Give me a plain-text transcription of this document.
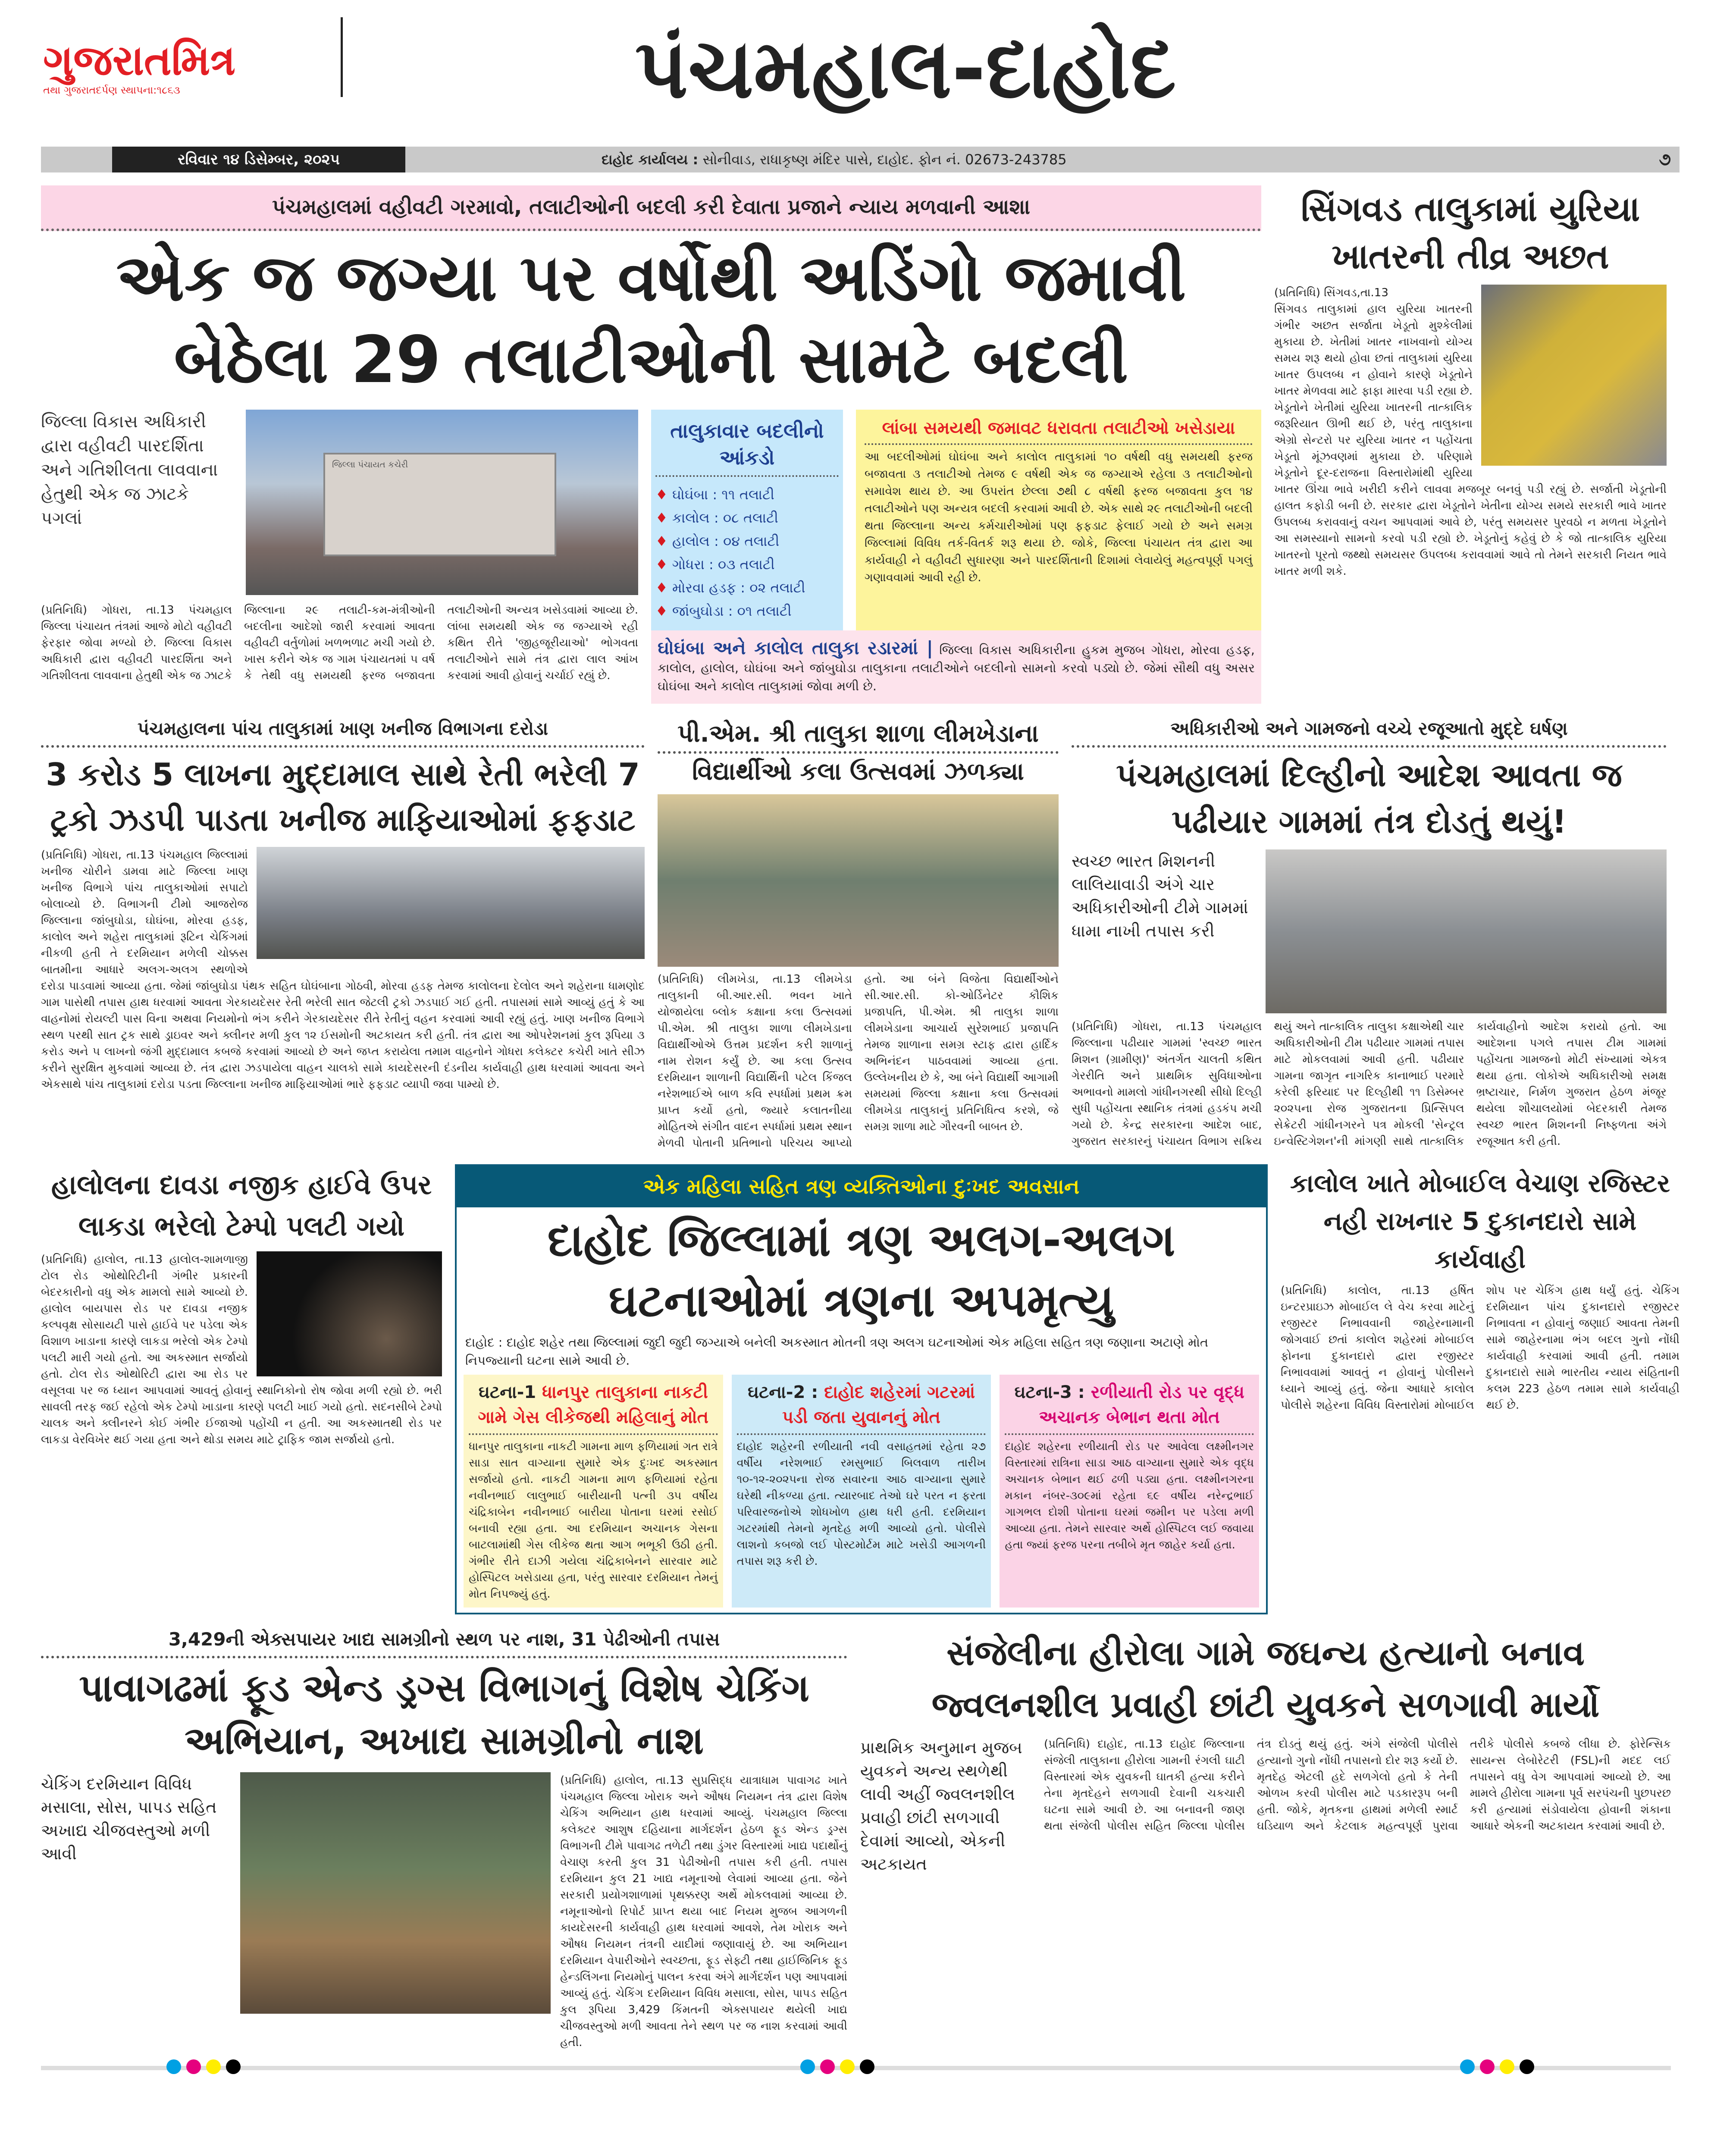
ગુજરાતમિત્ર
તથા ગુજરાતદર્પણ સ્થાપના:૧૮૬૩	પંચમહાલ-દાહોદ
રવિવાર ૧૪ ડિસેમ્બર, ૨૦૨૫	દાહોદ કાર્યાલય : સોનીવાડ, રાધાકૃષ્ણ મંદિર પાસે, દાહોદ. ફોન નં. 02673-243785	૭
પંચમહાલમાં વહીવટી ગરમાવો, તલાટીઓની બદલી કરી દેવાતા પ્રજાને ન્યાય મળવાની આશા
એક જ જગ્યા પર વર્ષોથી અડિંગો જમાવી બેઠેલા 29 તલાટીઓની સામટે બદલી
જિલ્લા વિકાસ અધિકારી દ્વારા વહીવટી પારદર્શિતા અને ગતિશીલતા લાવવાના હેતુથી એક જ ઝાટકે પગલાં
જિલ્લા પંચાયત કચેરી
(પ્રતિનિધિ) ગોધરા, તા.13 પંચમહાલ જિલ્લા પંચાયત તંત્રમાં આજે મોટો વહીવટી ફેરફાર જોવા મળ્યો છે. જિલ્લા વિકાસ અધિકારી દ્વારા વહીવટી પારદર્શિતા અને ગતિશીલતા લાવવાના હેતુથી એક જ ઝાટકે જિલ્લાના ૨૯ તલાટી-કમ-મંત્રીઓની બદલીના આદેશો જારી કરવામાં આવતા વહીવટી વર્તુળોમાં ખળભળાટ મચી ગયો છે. ખાસ કરીને એક જ ગામ પંચાયતમાં ૫ વર્ષ કે તેથી વધુ સમયથી ફરજ બજાવતા તલાટીઓની અન્યત્ર ખસેડવામાં આવ્યા છે. લાંબા સમયથી એક જ જગ્યાએ રહી કથિત રીતે 'જીહજૂરીયાઓ' ભોગવતા તલાટીઓને સામે તંત્ર દ્વારા લાલ આંખ કરવામાં આવી હોવાનું ચર્ચાઈ રહ્યું છે.
તાલુકાવાર બદલીનો આંકડો
♦ ઘોઘંબા : ૧૧ તલાટી
♦ કાલોલ : ૦૮ તલાટી
♦ હાલોલ : ૦૪ તલાટી
♦ ગોધરા : ૦૩ તલાટી
♦ મોરવા હડફ : ૦૨ તલાટી
♦ જાંબુઘોડા : ૦૧ તલાટી
લાંબા સમયથી જમાવટ ધરાવતા તલાટીઓ ખસેડાયા
આ બદલીઓમાં ઘોઘંબા અને કાલોલ તાલુકામાં ૧૦ વર્ષથી વધુ સમયથી ફરજ બજાવતા ૩ તલાટીઓ તેમજ ૯ વર્ષથી એક જ જગ્યાએ રહેલા ૩ તલાટીઓનો સમાવેશ થાય છે. આ ઉપરાંત છેલ્લા ૭થી ૮ વર્ષથી ફરજ બજાવતા કુલ ૧૪ તલાટીઓને પણ અન્યત્ર બદલી કરવામાં આવી છે. એક સાથે ૨૯ તલાટીઓની બદલી થતા જિલ્લાના અન્ય કર્મચારીઓમાં પણ ફફડાટ ફેલાઈ ગયો છે અને સમગ્ર જિલ્લામાં વિવિધ તર્ક-વિતર્ક શરૂ થયા છે. જોકે, જિલ્લા પંચાયત તંત્ર દ્વારા આ કાર્યવાહી ને વહીવટી સુધારણા અને પારદર્શિતાની દિશામાં લેવાયેલું મહત્વપૂર્ણ પગલું ગણાવવામાં આવી રહી છે.
ઘોઘંબા અને કાલોલ તાલુકા રડારમાં | જિલ્લા વિકાસ અધિકારીના હુકમ મુજબ ગોધરા, મોરવા હડફ, કાલોલ, હાલોલ, ઘોઘંબા અને જાંબુઘોડા તાલુકાના તલાટીઓને બદલીનો સામનો કરવો પડ્યો છે. જેમાં સૌથી વધુ અસર ઘોઘંબા અને કાલોલ તાલુકામાં જોવા મળી છે.
સિંગવડ તાલુકામાં યુરિયા ખાતરની તીવ્ર અછત
(પ્રતિનિધિ) સિંગવડ,તા.13
સિંગવડ તાલુકામાં હાલ યુરિયા ખાતરની ગંભીર અછત સર્જાતા ખેડૂતો મુશ્કેલીમાં મુકાયા છે. ખેતીમાં ખાતર નાખવાનો યોગ્ય સમય શરૂ થયો હોવા છતાં તાલુકામાં યુરિયા ખાતર ઉપલબ્ધ ન હોવાને કારણે ખેડૂતોને ખાતર મેળવવા માટે ફાફા મારવા પડી રહ્યા છે. ખેડૂતોને ખેતીમાં યુરિયા ખાતરની તાત્કાલિક જરૂરિયાત ઊભી થઈ છે, પરંતુ તાલુકાના એગ્રો સેન્ટરો પર યુરિયા ખાતર ન પહોંચતા ખેડૂતો મૂંઝવણમાં મુકાયા છે. પરિણામે ખેડૂતોને દૂર-દરાજના વિસ્તારોમાંથી યુરિયા ખાતર ઊંચા ભાવે ખરીદી કરીને લાવવા મજબૂર બનવું પડી રહ્યું છે. સર્જાતી ખેડૂતોની હાલત કફોડી બની છે. સરકાર દ્વારા ખેડૂતોને ખેતીના યોગ્ય સમયે સરકારી ભાવે ખાતર ઉપલબ્ધ કરાવવાનું વચન આપવામાં આવે છે, પરંતુ સમયસર પુરવઠો ન મળતા ખેડૂતોને આ સમસ્યાનો સામનો કરવો પડી રહ્યો છે. ખેડૂતોનું કહેવું છે કે જો તાત્કાલિક યુરિયા ખાતરનો પૂરતો જથ્થો સમયસર ઉપલબ્ધ કરાવવામાં આવે તો તેમને સરકારી નિયત ભાવે ખાતર મળી શકે.
પંચમહાલના પાંચ તાલુકામાં ખાણ ખનીજ વિભાગના દરોડા
3 કરોડ 5 લાખના મુદ્દામાલ સાથે રેતી ભરેલી 7 ટ્રકો ઝડપી પાડતા ખનીજ માફિયાઓમાં ફફડાટ
(પ્રતિનિધિ) ગોધરા, તા.13 પંચમહાલ જિલ્લામાં ખનીજ ચોરીને ડામવા માટે જિલ્લા ખાણ ખનીજ વિભાગે પાંચ તાલુકાઓમાં સપાટો બોલાવ્યો છે. વિભાગની ટીમો આજરોજ જિલ્લાના જાંબુઘોડા, ઘોઘંબા, મોરવા હડફ, કાલોલ અને શહેરા તાલુકામાં રૂટિન ચેકિંગમાં નીકળી હતી તે દરમિયાન મળેલી ચોક્કસ બાતમીના આધારે અલગ-અલગ સ્થળોએ દરોડા પાડવામાં આવ્યા હતા. જેમાં જાંબુઘોડા પંથક સહિત ઘોઘંબાના ગોઠવી, મોરવા હડફ તેમજ કાલોલના દેલોલ અને શહેરાના ધામણોદ ગામ પાસેથી તપાસ હાથ ધરવામાં આવતા ગેરકાયદેસર રેતી ભરેલી સાત જેટલી ટ્રકો ઝડપાઈ ગઈ હતી. તપાસમાં સામે આવ્યું હતું કે આ વાહનોમાં રોયલ્ટી પાસ વિના અથવા નિયમોનો ભંગ કરીને ગેરકાયદેસર રીતે રેતીનું વહન કરવામાં આવી રહ્યું હતું. ખાણ ખનીજ વિભાગે સ્થળ પરથી સાત ટ્રક સાથે ડ્રાઇવર અને ક્લીનર મળી કુલ ૧૨ ઈસમોની અટકાયત કરી હતી. તંત્ર દ્વારા આ ઓપરેશનમાં કુલ રૂપિયા ૩ કરોડ અને ૫ લાખનો જંગી મુદ્દામાલ કબજે કરવામાં આવ્યો છે અને જપ્ત કરાયેલા તમામ વાહનોને ગોધરા કલેક્ટર કચેરી ખાતે સીઝ કરીને સુરક્ષિત મુકવામાં આવ્યા છે. તંત્ર દ્વારા ઝડપાયેલા વાહન ચાલકો સામે કાયદેસરની દંડનીય કાર્યવાહી હાથ ધરવામાં આવતા અને એકસાથે પાંચ તાલુકામાં દરોડા પડતા જિલ્લાના ખનીજ માફિયાઓમાં ભારે ફફડાટ વ્યાપી જવા પામ્યો છે.
પી.એમ. શ્રી તાલુકા શાળા લીમખેડાના
વિદ્યાર્થીઓ કલા ઉત્સવમાં ઝળક્યા
(પ્રતિનિધિ) લીમખેડા, તા.13 લીમખેડા તાલુકાની બી.આર.સી. ભવન ખાતે યોજાયેલા બ્લોક કક્ષાના કલા ઉત્સવમાં પી.એમ. શ્રી તાલુકા શાળા લીમખેડાના વિદ્યાર્થીઓએ ઉત્તમ પ્રદર્શન કરી શાળાનું નામ રોશન કર્યું છે. આ કલા ઉત્સવ દરમિયાન શાળાની વિદ્યાર્થિની પટેલ કિંજલ નરેશભાઈએ બાળ કવિ સ્પર્ધામાં પ્રથમ ક્રમ પ્રાપ્ત કર્યો હતો, જ્યારે કલાતનીયા મોહિતએ સંગીત વાદન સ્પર્ધામાં પ્રથમ સ્થાન મેળવી પોતાની પ્રતિભાનો પરિચય આપ્યો હતો. આ બંને વિજેતા વિદ્યાર્થીઓને સી.આર.સી. કો-ઓર્ડિનેટર કૌશિક પ્રજાપતિ, પી.એમ. શ્રી તાલુકા શાળા લીમખેડાના આચાર્ય સુરેશભાઈ પ્રજાપતિ તેમજ શાળાના સમગ્ર સ્ટાફ દ્વારા હાર્દિક અભિનંદન પાઠવવામાં આવ્યા હતા. ઉલ્લેખનીય છે કે, આ બંને વિદ્યાર્થી આગામી સમયમાં જિલ્લા કક્ષાના કલા ઉત્સવમાં લીમખેડા તાલુકાનું પ્રતિનિધિત્વ કરશે, જે સમગ્ર શાળા માટે ગૌરવની બાબત છે.
અધિકારીઓ અને ગામજનો વચ્ચે રજૂઆતો મુદ્દે ઘર્ષણ
પંચમહાલમાં દિલ્હીનો આદેશ આવતા જ પઢીયાર ગામમાં તંત્ર દોડતું થયું!
સ્વચ્છ ભારત મિશનની લાલિયાવાડી અંગે ચાર અધિકારીઓની ટીમે ગામમાં ધામા નાખી તપાસ કરી
(પ્રતિનિધિ) ગોધરા, તા.13 પંચમહાલ જિલ્લાના પઢીયાર ગામમાં 'સ્વચ્છ ભારત મિશન (ગ્રામીણ)' અંતર્ગત ચાલતી કથિત ગેરરીતિ અને પ્રાથમિક સુવિધાઓના અભાવનો મામલો ગાંધીનગરથી સીધો દિલ્હી સુધી પહોંચતા સ્થાનિક તંત્રમાં હડકંપ મચી ગયો છે. કેન્દ્ર સરકારના આદેશ બાદ, ગુજરાત સરકારનું પંચાયત વિભાગ સક્રિય થયું અને તાત્કાલિક તાલુકા કક્ષાએથી ચાર અધિકારીઓની ટીમ પઢીયાર ગામમાં તપાસ માટે મોકલવામાં આવી હતી. પઢીયાર ગામના જાગૃત નાગરિક કાનાભાઈ પરમારે કરેલી ફરિયાદ પર દિલ્હીથી ૧૧ ડિસેમ્બર ૨૦૨૫ના રોજ ગુજરાતના પ્રિન્સિપલ સેક્રેટરી ગાંધીનગરને પત્ર મોકલી 'સેન્ટ્રલ ઇન્વેસ્ટિગેશન'ની માંગણી સાથે તાત્કાલિક કાર્યવાહીનો આદેશ કરાયો હતો. આ આદેશના પગલે તપાસ ટીમ ગામમાં પહોંચતા ગામજનો મોટી સંખ્યામાં એકત્ર થયા હતા. લોકોએ અધિકારીઓ સમક્ષ ભ્રષ્ટાચાર, નિર્મળ ગુજરાત હેઠળ મંજૂર થયેલા શૌચાલયોમાં બેદરકારી તેમજ સ્વચ્છ ભારત મિશનની નિષ્ફળતા અંગે રજૂઆત કરી હતી.
હાલોલના દાવડા નજીક હાઈવે ઉપર લાકડા ભરેલો ટેમ્પો પલટી ગયો
(પ્રતિનિધિ) હાલોલ, તા.13 હાલોલ-શામળાજી ટોલ રોડ ઓથોરિટીની ગંભીર પ્રકારની બેદરકારીનો વધુ એક મામલો સામે આવ્યો છે. હાલોલ બાયપાસ રોડ પર દાવડા નજીક કલ્પવૃક્ષ સોસાયટી પાસે હાઈવે પર પડેલા એક વિશાળ ખાડાના કારણે લાકડા ભરેલો એક ટેમ્પો પલટી મારી ગયો હતો. આ અકસ્માત સર્જાયો હતો. ટોલ રોડ ઓથોરિટી દ્વારા આ રોડ પર વસૂલવા પર જ ધ્યાન આપવામાં આવતું હોવાનું સ્થાનિકોનો રોષ જોવા મળી રહ્યો છે. ભરી સાવલી તરફ જઈ રહેલો એક ટેમ્પો ખાડાના કારણે પલટી ખાઈ ગયો હતો. સદનસીબે ટેમ્પો ચાલક અને ક્લીનરને કોઈ ગંભીર ઈજાઓ પહોંચી ન હતી. આ અકસ્માતથી રોડ પર લાકડા વેરવિખેર થઈ ગયા હતા અને થોડા સમય માટે ટ્રાફિક જામ સર્જાયો હતો.
એક મહિલા સહિત ત્રણ વ્યક્તિઓના દુઃખદ અવસાન
દાહોદ જિલ્લામાં ત્રણ અલગ-અલગ ઘટનાઓમાં ત્રણના અપમૃત્યુ
દાહોદ : દાહોદ શહેર તથા જિલ્લામાં જુદી જુદી જગ્યાએ બનેલી અકસ્માત મોતની ત્રણ અલગ ઘટનાઓમાં એક મહિલા સહિત ત્રણ જણાના અટાણે મોત નિપજ્યાની ઘટના સામે આવી છે.
ઘટના-1 ધાનપુર તાલુકાના નાકટી ગામે ગેસ લીકેજથી મહિલાનું મોત
ધાનપુર તાલુકાના નાકટી ગામના માળ ફળિયામાં ગત રાત્રે સાડા સાત વાગ્યાના સુમારે એક દુઃખદ અકસ્માત સર્જાયો હતો. નાકટી ગામના માળ ફળિયામાં રહેતા નવીનભાઈ લાલુભાઈ બારીયાની પત્ની ૩૫ વર્ષીય ચંદ્રિકાબેન નવીનભાઈ બારીયા પોતાના ઘરમાં રસોઈ બનાવી રહ્યા હતા. આ દરમિયાન અચાનક ગેસના બાટલામાંથી ગેસ લીકેજ થતા આગ ભભૂકી ઉઠી હતી. ગંભીર રીતે દાઝી ગયેલા ચંદ્રિકાબેનને સારવાર માટે હોસ્પિટલ ખસેડાયા હતા, પરંતુ સારવાર દરમિયાન તેમનું મોત નિપજ્યું હતું.
ઘટના-2 : દાહોદ શહેરમાં ગટરમાં પડી જતા યુવાનનું મોત
દાહોદ શહેરની રળીયાતી નવી વસાહતમાં રહેતા ૨૭ વર્ષીય નરેશભાઈ રમસુભાઈ બિલવાળ તારીખ ૧૦-૧૨-૨૦૨૫ના રોજ સવારના આઠ વાગ્યાના સુમારે ઘરેથી નીકળ્યા હતા. ત્યારબાદ તેઓ ઘરે પરત ન ફરતા પરિવારજનોએ શોધખોળ હાથ ધરી હતી. દરમિયાન ગટરમાંથી તેમનો મૃતદેહ મળી આવ્યો હતો. પોલીસે લાશનો કબજો લઈ પોસ્ટમોર્ટમ માટે ખસેડી આગળની તપાસ શરૂ કરી છે.
ઘટના-3 : રળીયાતી રોડ પર વૃદ્ધ અચાનક બેભાન થતા મોત
દાહોદ શહેરના રળીયાતી રોડ પર આવેલા લક્ષ્મીનગર વિસ્તારમાં રાત્રિના સાડા આઠ વાગ્યાના સુમારે એક વૃદ્ધ અચાનક બેભાન થઈ ઢળી પડ્યા હતા. લક્ષ્મીનગરના મકાન નંબર-૩૦૯માં રહેતા ૬૯ વર્ષીય નરેન્દ્રભાઈ ગાગભલ દોશી પોતાના ઘરમાં જમીન પર પડેલા મળી આવ્યા હતા. તેમને સારવાર અર્થે હોસ્પિટલ લઈ જવાયા હતા જ્યાં ફરજ પરના તબીબે મૃત જાહેર કર્યા હતા.
કાલોલ ખાતે મોબાઈલ વેચાણ રજિસ્ટર નહી રાખનાર 5 દુકાનદારો સામે કાર્યવાહી
(પ્રતિનિધિ) કાલોલ, તા.13 હર્ષિત ઇન્ટરપ્રાઇઝ મોબાઈલ લે વેચ કરવા માટેનું રજીસ્ટર નિભાવવાની જાહેરનામાની જોગવાઈ છતાં કાલોલ શહેરમાં મોબાઈલ ફોનના દુકાનદારો દ્વારા રજીસ્ટર નિભાવવામાં આવતું ન હોવાનું પોલીસને ધ્યાને આવ્યું હતું. જેના આધારે કાલોલ પોલીસે શહેરના વિવિધ વિસ્તારોમાં મોબાઈલ શોપ પર ચેકિંગ હાથ ધર્યું હતું. ચેકિંગ દરમિયાન પાંચ દુકાનદારો રજીસ્ટર નિભાવતા ન હોવાનું જણાઈ આવતા તેમની સામે જાહેરનામા ભંગ બદલ ગુનો નોંધી કાર્યવાહી કરવામાં આવી હતી. તમામ દુકાનદારો સામે ભારતીય ન્યાય સંહિતાની કલમ 223 હેઠળ તમામ સામે કાર્યવાહી થઈ છે.
3,429ની એક્સપાયર ખાદ્ય સામગ્રીનો સ્થળ પર નાશ, 31 પેઢીઓની તપાસ
પાવાગઢમાં ફૂડ એન્ડ ડ્રગ્સ વિભાગનું વિશેષ ચેકિંગ અભિયાન, અખાદ્ય સામગ્રીનો નાશ
ચેકિંગ દરમિયાન વિવિધ મસાલા, સોસ, પાપડ સહિત અખાદ્ય ચીજવસ્તુઓ મળી આવી
(પ્રતિનિધિ) હાલોલ, તા.13 સુપ્રસિદ્ધ યાત્રાધામ પાવાગઢ ખાતે પંચમહાલ જિલ્લા ખોરાક અને ઔષધ નિયમન તંત્ર દ્વારા વિશેષ ચેકિંગ અભિયાન હાથ ધરવામાં આવ્યું. પંચમહાલ જિલ્લા કલેક્ટર આશુષ દહિયાના માર્ગદર્શન હેઠળ ફૂડ એન્ડ ડ્રગ્સ વિભાગની ટીમે પાવાગઢ તળેટી તથા ડુંગર વિસ્તારમાં ખાદ્ય પદાર્થોનું વેચાણ કરતી કુલ 31 પેઢીઓની તપાસ કરી હતી. તપાસ દરમિયાન કુલ 21 ખાદ્ય નમૂનાઓ લેવામાં આવ્યા હતા. જેને સરકારી પ્રયોગશાળામાં પૃથક્કરણ અર્થે મોકલવામાં આવ્યા છે. નમૂનાઓનો રિપોર્ટ પ્રાપ્ત થયા બાદ નિયમ મુજબ આગળની કાયદેસરની કાર્યવાહી હાથ ધરવામાં આવશે, તેમ ખોરાક અને ઔષધ નિયમન તંત્રની યાદીમાં જણાવાયું છે. આ અભિયાન દરમિયાન વેપારીઓને સ્વચ્છતા, ફૂડ સેફ્ટી તથા હાઈજિનિક ફૂડ હેન્ડલિંગના નિયમોનું પાલન કરવા અંગે માર્ગદર્શન પણ આપવામાં આવ્યું હતું. ચેકિંગ દરમિયાન વિવિધ મસાલા, સોસ, પાપડ સહિત કુલ રૂપિયા 3,429 કિંમતની એક્સપાયર થયેલી ખાદ્ય ચીજવસ્તુઓ મળી આવતા તેને સ્થળ પર જ નાશ કરવામાં આવી હતી.
સંજેલીના હીરોલા ગામે જઘન્ય હત્યાનો બનાવ જ્વલનશીલ પ્રવાહી છાંટી યુવકને સળગાવી માર્યો
પ્રાથમિક અનુમાન મુજબ યુવકને અન્ય સ્થળેથી લાવી અહીં જ્વલનશીલ પ્રવાહી છાંટી સળગાવી દેવામાં આવ્યો, એકની અટકાયત
(પ્રતિનિધિ) દાહોદ, તા.13 દાહોદ જિલ્લાના સંજેલી તાલુકાના હીરોલા ગામની રંગલી ઘાટી વિસ્તારમાં એક યુવકની ઘાતકી હત્યા કરીને તેના મૃતદેહને સળગાવી દેવાની ચકચારી ઘટના સામે આવી છે. આ બનાવની જાણ થતા સંજેલી પોલીસ સહિત જિલ્લા પોલીસ તંત્ર દોડતું થયું હતું. અંગે સંજેલી પોલીસે હત્યાનો ગુનો નોંધી તપાસનો દોર શરૂ કર્યો છે. મૃતદેહ એટલી હદે સળગેલો હતો કે તેની ઓળખ કરવી પોલીસ માટે પડકારરૂપ બની હતી. જોકે, મૃતકના હાથમાં મળેલી સ્માર્ટ ઘડિયાળ અને કેટલાક મહત્વપૂર્ણ પુરાવા તરીકે પોલીસે કબજે લીધા છે. ફોરેન્સિક સાયન્સ લેબોરેટરી (FSL)ની મદદ લઈ તપાસને વધુ વેગ આપવામાં આવ્યો છે. આ મામલે હીરોલા ગામના પૂર્વ સરપંચની પુછપરછ કરી હત્યામાં સંડોવાયેલા હોવાની શંકાના આધારે એકની અટકાયત કરવામાં આવી છે.
